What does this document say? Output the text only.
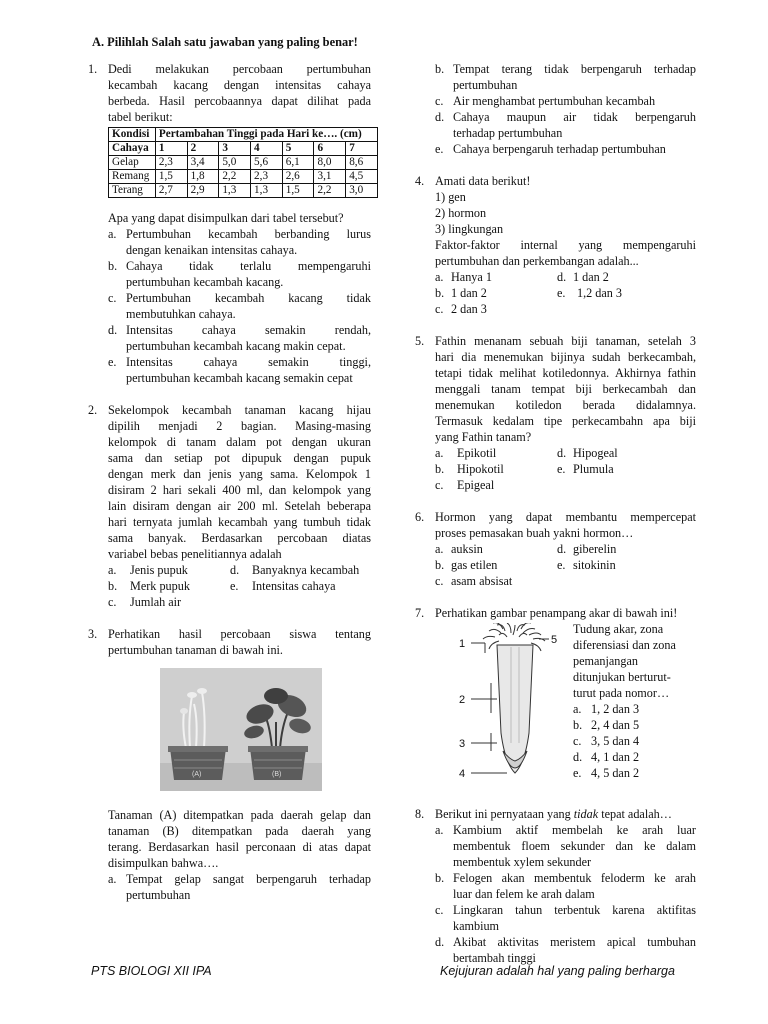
A. Pilihlah Salah satu jawaban yang paling benar!
1. Dedi melakukan percobaan pertumbuhan
kecambah kacang dengan intensitas cahaya
berbeda. Hasil percobaannya dapat dilihat pada
tabel berikut:
Kondisi	Pertambahan Tinggi pada Hari ke…. (cm)						
Cahaya	1	2	3	4	5	6	7
Gelap	2,3	3,4	5,0	5,6	6,1	8,0	8,6
Remang	1,5	1,8	2,2	2,3	2,6	3,1	4,5
Terang	2,7	2,9	1,3	1,3	1,5	2,2	3,0
Apa yang dapat disimpulkan dari tabel tersebut?
a. Pertumbuhan kecambah berbanding lurus
dengan kenaikan intensitas cahaya.
b. Cahaya tidak terlalu mempengaruhi
pertumbuhan kecambah kacang.
c. Pertumbuhan kecambah kacang tidak
membutuhkan cahaya.
d. Intensitas cahaya semakin rendah,
pertumbuhan kecambah kacang makin cepat.
e. Intensitas cahaya semakin tinggi,
pertumbuhan kecambah kacang semakin cepat
2. Sekelompok kecambah tanaman kacang hijau
dipilih menjadi 2 bagian. Masing-masing
kelompok di tanam dalam pot dengan ukuran
sama dan setiap pot dipupuk dengan pupuk
dengan merk dan jenis yang sama. Kelompok 1
disiram 2 hari sekali 400 ml, dan kelompok yang
lain disiram dengan air 200 ml. Setelah beberapa
hari ternyata jumlah kecambah yang tumbuh tidak
sama banyak. Berdasarkan percobaan diatas
variabel bebas penelitiannya adalah
a.	Jenis pupuk	d.	Banyaknya kecambah
b.	Merk pupuk	e.	Intensitas cahaya
c.	Jumlah air
3. Perhatikan hasil percobaan siswa tentang
pertumbuhan tanaman di bawah ini.
(A)	(B)
Tanaman (A) ditempatkan pada daerah gelap dan
tanaman (B) ditempatkan pada daerah yang
terang. Berdasarkan hasil perconaan di atas dapat
disimpulkan bahwa….
a. Tempat gelap sangat berpengaruh terhadap
pertumbuhan
b. Tempat terang tidak berpengaruh terhadap
pertumbuhan
c. Air menghambat pertumbuhan kecambah
d. Cahaya maupun air tidak berpengaruh
terhadap pertumbuhan
e. Cahaya berpengaruh terhadap pertumbuhan
4. Amati data berikut!
1) gen
2) hormon
3) lingkungan
Faktor-faktor internal yang mempengaruhi
pertumbuhan dan perkembangan adalah...
a. Hanya 1	d. 1 dan 2
b. 1 dan 2	e. 1,2 dan 3
c. 2 dan 3
5. Fathin menanam sebuah biji tanaman, setelah 3
hari dia menemukan bijinya sudah berkecambah,
tetapi tidak melihat kotiledonnya. Akhirnya fathin
menggali tanam tempat biji berkecambah dan
menemukan kotiledon berada didalamnya.
Termasuk kedalam tipe perkecambahn apa biji
yang Fathin tanam?
a.	Epikotil	d. Hipogeal
b.	Hipokotil	e. Plumula
c.	Epigeal
6. Hormon yang dapat membantu mempercepat
proses pemasakan buah yakni hormon…
a. auksin	d. giberelin
b. gas etilen	e. sitokinin
c. asam absisat
7. Perhatikan gambar penampang akar di bawah ini!
1
2
3
4
5
Tudung akar, zona
diferensiasi dan zona
pemanjangan
ditunjukan berturut-
turut pada nomor…
a. 1, 2 dan 3
b. 2, 4 dan 5
c. 3, 5 dan 4
d. 4, 1 dan 2
e. 4, 5 dan 2
8. Berikut ini pernyataan yang tidak tepat adalah…
a. Kambium aktif membelah ke arah luar
membentuk floem sekunder dan ke dalam
membentuk xylem sekunder
b. Felogen akan membentuk feloderm ke arah
luar dan felem ke arah dalam
c. Lingkaran tahun terbentuk karena aktifitas
kambium
d. Akibat aktivitas meristem apical tumbuhan
bertambah tinggi
PTS BIOLOGI XII IPA	Kejujuran adalah hal yang paling berharga
